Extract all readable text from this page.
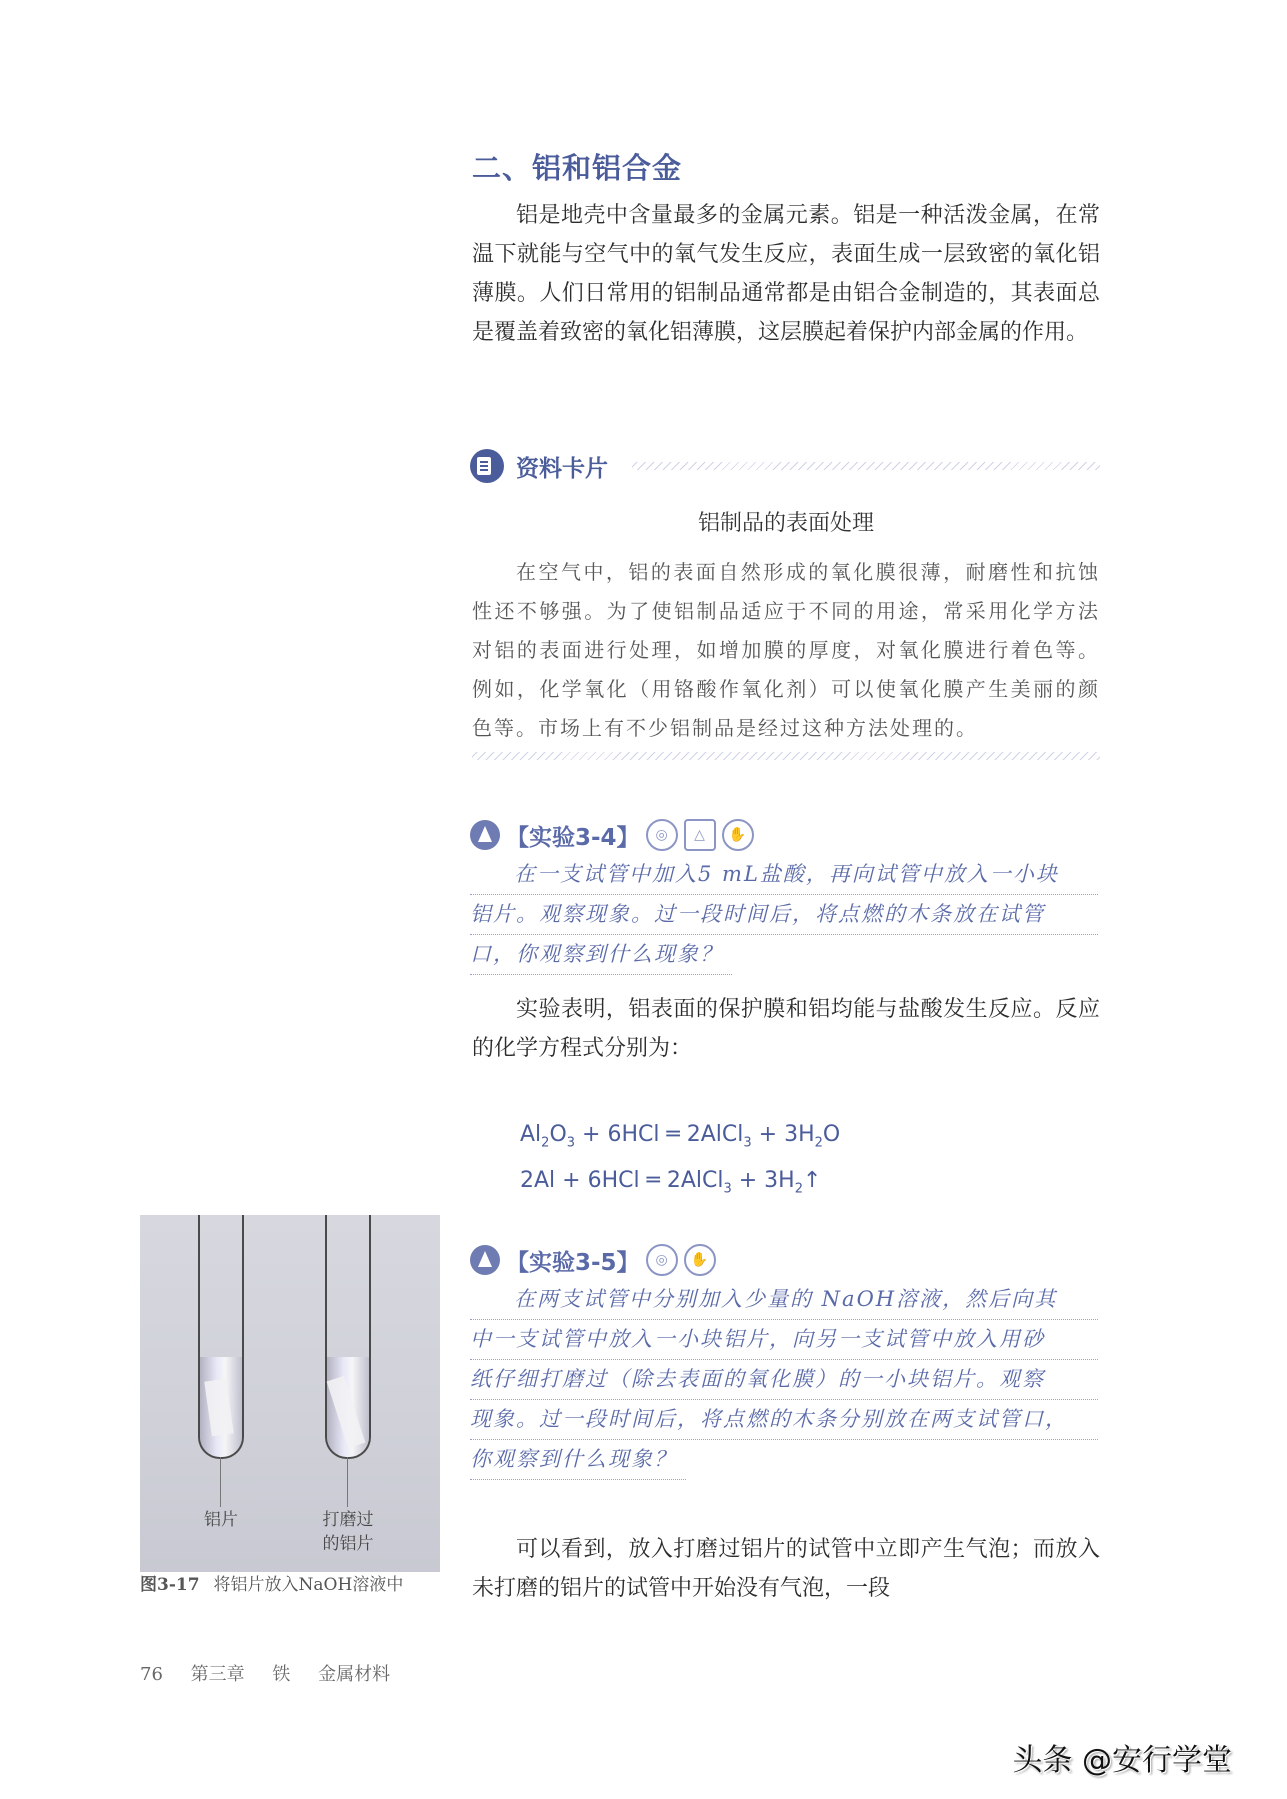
二、铝和铝合金
铝是地壳中含量最多的金属元素。铝是一种活泼金属，在常温下就能与空气中的氧气发生反应，表面生成一层致密的氧化铝薄膜。人们日常用的铝制品通常都是由铝合金制造的，其表面总是覆盖着致密的氧化铝薄膜，这层膜起着保护内部金属的作用。
资料卡片
铝制品的表面处理
在空气中，铝的表面自然形成的氧化膜很薄，耐磨性和抗蚀性还不够强。为了使铝制品适应于不同的用途，常采用化学方法对铝的表面进行处理，如增加膜的厚度，对氧化膜进行着色等。例如，化学氧化（用铬酸作氧化剂）可以使氧化膜产生美丽的颜色等。市场上有不少铝制品是经过这种方法处理的。
【实验3-4】	◎	△	✋
在一支试管中加入5 mL盐酸，再向试管中放入一小块
铝片。观察现象。过一段时间后，将点燃的木条放在试管
口，你观察到什么现象？
实验表明，铝表面的保护膜和铝均能与盐酸发生反应。反应的化学方程式分别为：
$Al_2O_3 + 6HCl$ ═ 2AlCl$_3$ + $3H_2O$
2Al + 6HCl ═ 2AlCl$_3$ + $3H_2↑$
【实验3-5】	◎	✋
在两支试管中分别加入少量的 NaOH溶液，然后向其
中一支试管中放入一小块铝片，向另一支试管中放入用砂
纸仔细打磨过（除去表面的氧化膜）的一小块铝片。观察
现象。过一段时间后，将点燃的木条分别放在两支试管口，
你观察到什么现象？
铝片	打磨过
的铝片
图3-17 将铝片放入NaOH溶液中
可以看到，放入打磨过铝片的试管中立即产生气泡；而放入未打磨的铝片的试管中开始没有气泡，一段
76 第三章 铁 金属材料
头条 @安行学堂
